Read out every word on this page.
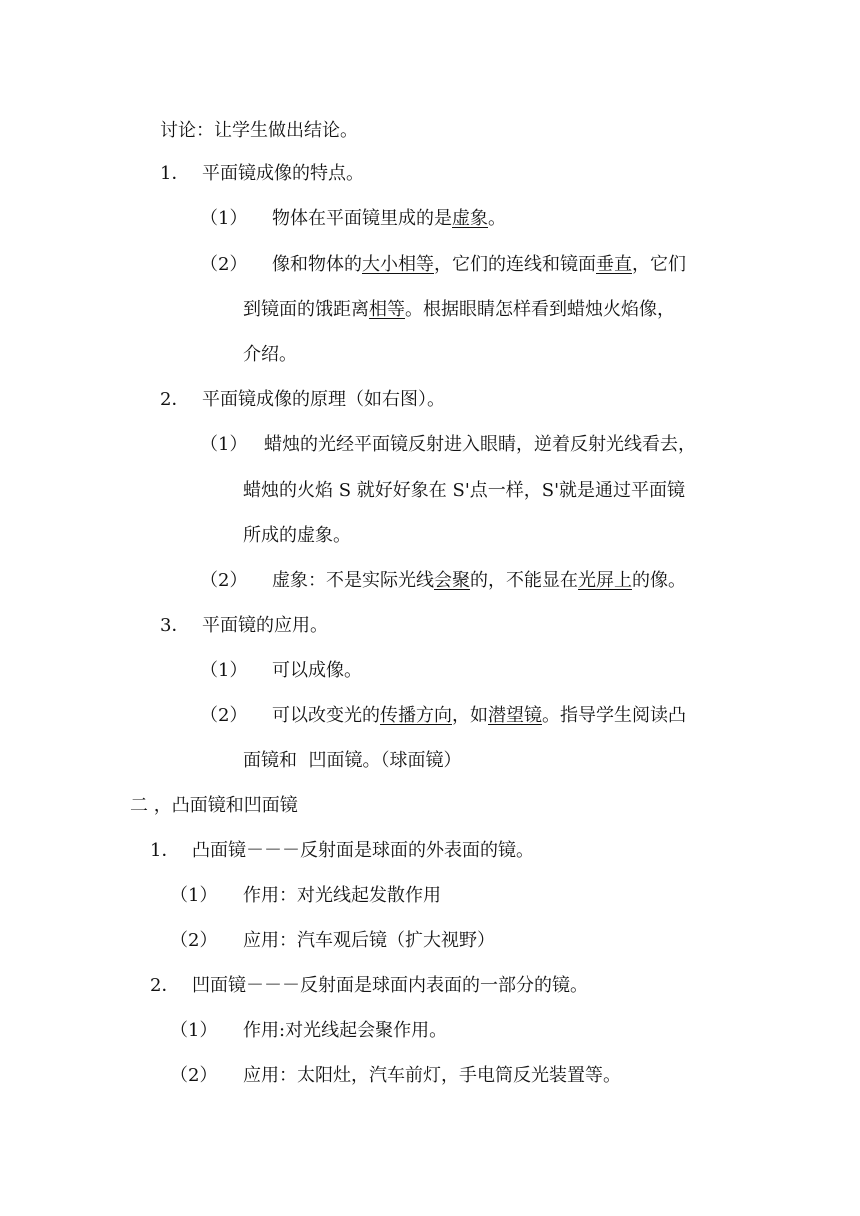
讨论：让学生做出结论。
1． 平面镜成像的特点。
（1） 物体在平面镜里成的是虚象。
（2） 像和物体的大小相等，它们的连线和镜面垂直，它们
到镜面的饿距离相等。根据眼睛怎样看到蜡烛火焰像，
介绍。
2． 平面镜成像的原理（如右图）。
（1） 蜡烛的光经平面镜反射进入眼睛，逆着反射光线看去，
蜡烛的火焰 S 就好好象在 S'点一样，S'就是通过平面镜
所成的虚象。
（2） 虚象：不是实际光线会聚的，不能显在光屏上的像。
3． 平面镜的应用。
（1） 可以成像。
（2） 可以改变光的传播方向，如潜望镜。指导学生阅读凸
面镜和  凹面镜。（球面镜）
二 ，凸面镜和凹面镜
1． 凸面镜－－－反射面是球面的外表面的镜。
（1） 作用：对光线起发散作用
（2） 应用：汽车观后镜（扩大视野）
2． 凹面镜－－－反射面是球面内表面的一部分的镜。
（1） 作用:对光线起会聚作用。
（2） 应用：太阳灶，汽车前灯，手电筒反光装置等。
